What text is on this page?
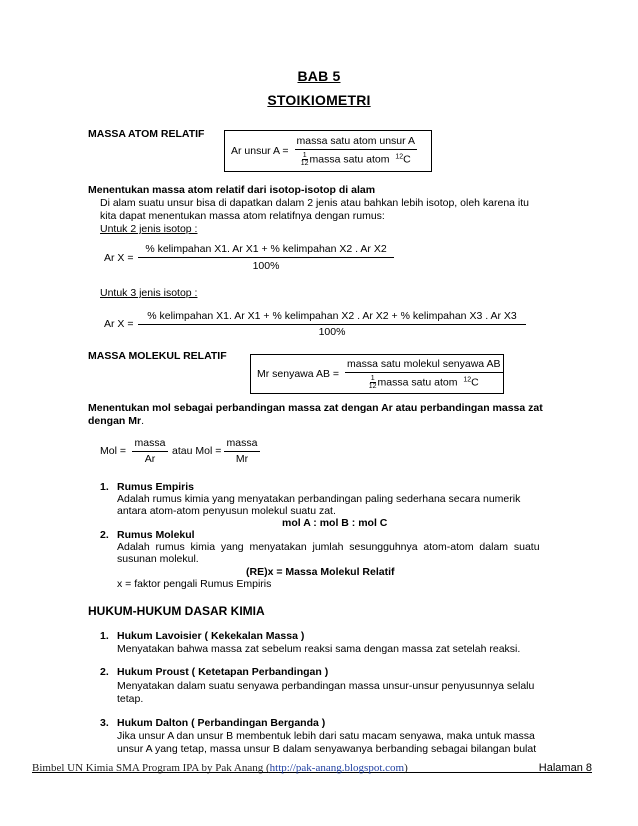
BAB 5
STOIKIOMETRI
MASSA ATOM RELATIF
Ar unsur $A = \frac{\text{massa satu atom unsur A}}{\frac{1}{12} massa satu atom ^{12}C}$
Menentukan massa atom relatif dari isotop-isotop di alam
Di alam suatu unsur bisa di dapatkan dalam 2 jenis atau bahkan lebih isotop, oleh karena itu
kita dapat menentukan massa atom relatifnya dengan rumus:
Untuk 2 jenis isotop :
Ar X =
% kelimpahan X1. Ar X1 + % kelimpahan X2 . Ar X2
100%
Untuk 3 jenis isotop :
Ar X =
% kelimpahan X1. Ar X1 + % kelimpahan X2 . Ar X2 + % kelimpahan X3 . Ar X3
100%
MASSA MOLEKUL RELATIF
Mr senyawa AB = $\frac{\text{massa satu molekul senyawa AB}}{\frac{1}{12} massa satu atom ^{12}C}$
Menentukan mol sebagai perbandingan massa zat dengan Ar atau perbandingan massa zat
dengan Mr.
Mol =
massa
Ar
atau Mol =
massa
Mr
1. Rumus Empiris
Adalah rumus kimia yang menyatakan perbandingan paling sederhana secara numerik
antara atom-atom penyusun molekul suatu zat.
mol A : mol B : mol C
2. Rumus Molekul
Adalah  rumus  kimia  yang  menyatakan  jumlah  sesungguhnya  atom-atom  dalam  suatu
susunan molekul.
(RE)x = Massa Molekul Relatif
x = faktor pengali Rumus Empiris
HUKUM-HUKUM DASAR KIMIA
1. Hukum Lavoisier ( Kekekalan Massa )
Menyatakan bahwa massa zat sebelum reaksi sama dengan massa zat setelah reaksi.
2. Hukum Proust ( Ketetapan Perbandingan )
Menyatakan dalam suatu senyawa perbandingan massa unsur-unsur penyusunnya selalu
tetap.
3. Hukum Dalton ( Perbandingan Berganda )
Jika unsur A dan unsur B membentuk lebih dari satu macam senyawa, maka untuk massa
unsur A yang tetap, massa unsur B dalam senyawanya berbanding sebagai bilangan bulat
Bimbel UN Kimia SMA Program IPA by Pak Anang (http://pak-anang.blogspot.com)	Halaman 8
